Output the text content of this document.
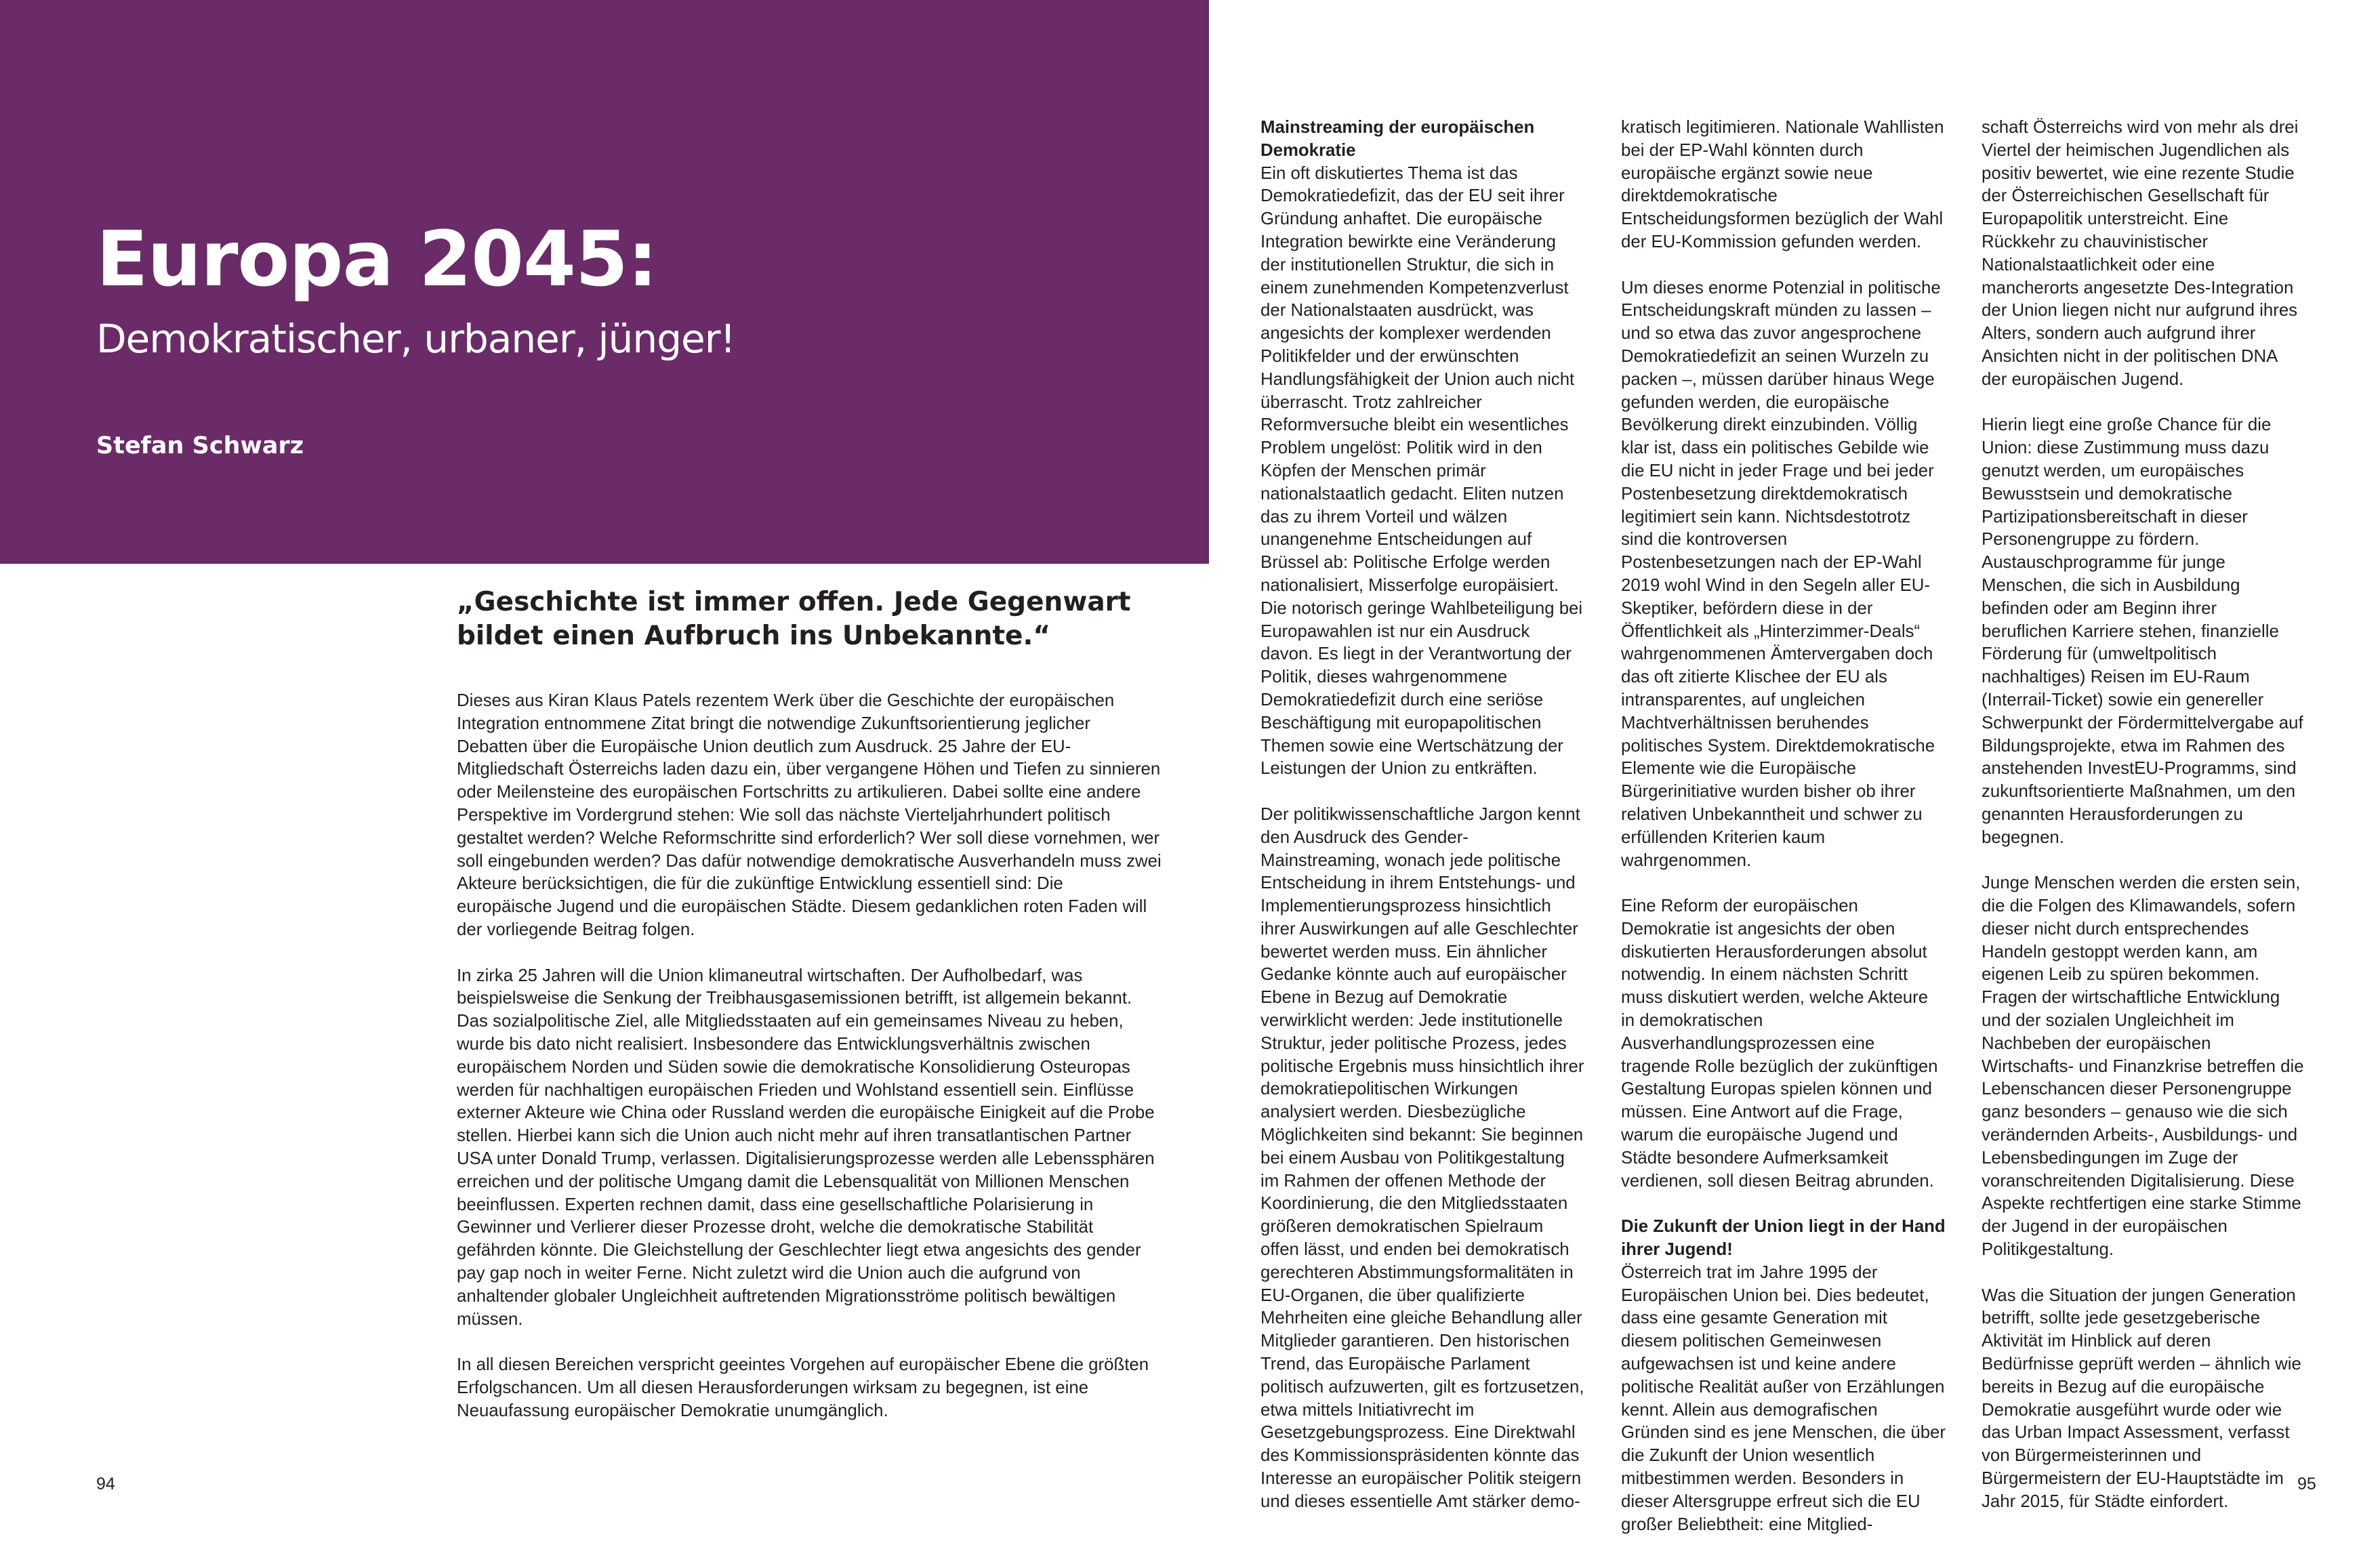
Europa 2045:
Demokratischer, urbaner, jünger!
Stefan Schwarz

„Geschichte ist immer offen. Jede Gegenwart bildet einen Aufbruch ins Unbekannte.“

Dieses aus Kiran Klaus Patels rezentem Werk über die Geschichte der europäischen Integration entnommene Zitat bringt die notwendige Zukunftsorientierung jeglicher Debatten über die Europäische Union deutlich zum Ausdruck. 25 Jahre der EU-Mitgliedschaft Österreichs laden dazu ein, über vergangene Höhen und Tiefen zu sinnieren oder Meilensteine des europäischen Fortschritts zu artikulieren. Dabei sollte eine andere Perspektive im Vordergrund stehen: Wie soll das nächste Vierteljahrhundert politisch gestaltet werden? Welche Reformschritte sind erforderlich? Wer soll diese vornehmen, wer soll eingebunden werden? Das dafür notwendige demokratische Ausverhandeln muss zwei Akteure berücksichtigen, die für die zukünftige Entwicklung essentiell sind: Die europäische Jugend und die europäischen Städte. Diesem gedanklichen roten Faden will der vorliegende Beitrag folgen.

In zirka 25 Jahren will die Union klimaneutral wirtschaften. Der Aufholbedarf, was beispielsweise die Senkung der Treibhausgasemissionen betrifft, ist allgemein bekannt. Das sozialpolitische Ziel, alle Mitgliedsstaaten auf ein gemeinsames Niveau zu heben, wurde bis dato nicht realisiert. Insbesondere das Entwicklungsverhältnis zwischen europäischem Norden und Süden sowie die demokratische Konsolidierung Osteuropas werden für nachhaltigen europäischen Frieden und Wohlstand essentiell sein. Einflüsse externer Akteure wie China oder Russland werden die europäische Einigkeit auf die Probe stellen. Hierbei kann sich die Union auch nicht mehr auf ihren transatlantischen Partner USA unter Donald Trump, verlassen. Digitalisierungsprozesse werden alle Lebenssphären erreichen und der politische Umgang damit die Lebensqualität von Millionen Menschen beeinflussen. Experten rechnen damit, dass eine gesellschaftliche Polarisierung in Gewinner und Verlierer dieser Prozesse droht, welche die demokratische Stabilität gefährden könnte. Die Gleichstellung der Geschlechter liegt etwa angesichts des gender pay gap noch in weiter Ferne. Nicht zuletzt wird die Union auch die aufgrund von anhaltender globaler Ungleichheit auftretenden Migrationsströme politisch bewältigen müssen.

In all diesen Bereichen verspricht geeintes Vorgehen auf europäischer Ebene die größten Erfolgschancen. Um all diesen Herausforderungen wirksam zu begegnen, ist eine Neuaufassung europäischer Demokratie unumgänglich.

Mainstreaming der europäischen Demokratie

Ein oft diskutiertes Thema ist das Demokratiedefizit, das der EU seit ihrer Gründung anhaftet. Die europäische Integration bewirkte eine Veränderung der institutionellen Struktur, die sich in einem zunehmenden Kompetenzverlust der Nationalstaaten ausdrückt, was angesichts der komplexer werdenden Politikfelder und der erwünschten Handlungsfähigkeit der Union auch nicht überrascht. Trotz zahlreicher Reformversuche bleibt ein wesentliches Problem ungelöst: Politik wird in den Köpfen der Menschen primär nationalstaatlich gedacht. Eliten nutzen das zu ihrem Vorteil und wälzen unangenehme Entscheidungen auf Brüssel ab: Politische Erfolge werden nationalisiert, Misserfolge europäisiert. Die notorisch geringe Wahlbeteiligung bei Europawahlen ist nur ein Ausdruck davon. Es liegt in der Verantwortung der Politik, dieses wahrgenommene Demokratiedefizit durch eine seriöse Beschäftigung mit europapolitischen Themen sowie eine Wertschätzung der Leistungen der Union zu entkräften.

Der politikwissenschaftliche Jargon kennt den Ausdruck des Gender-Mainstreaming, wonach jede politische Entscheidung in ihrem Entstehungs- und Implementierungsprozess hinsichtlich ihrer Auswirkungen auf alle Geschlechter bewertet werden muss. Ein ähnlicher Gedanke könnte auch auf europäischer Ebene in Bezug auf Demokratie verwirklicht werden: Jede institutionelle Struktur, jeder politische Prozess, jedes politische Ergebnis muss hinsichtlich ihrer demokratiepolitischen Wirkungen analysiert werden. Diesbezügliche Möglichkeiten sind bekannt: Sie beginnen bei einem Ausbau von Politikgestaltung im Rahmen der offenen Methode der Koordinierung, die den Mitgliedsstaaten größeren demokratischen Spielraum offen lässt, und enden bei demokratisch gerechteren Abstimmungsformalitäten in EU-Organen, die über qualifizierte Mehrheiten eine gleiche Behandlung aller Mitglieder garantieren. Den historischen Trend, das Europäische Parlament politisch aufzuwerten, gilt es fortzusetzen, etwa mittels Initiativrecht im Gesetzgebungsprozess. Eine Direktwahl des Kommissionspräsidenten könnte das Interesse an europäischer Politik steigern und dieses essentielle Amt stärker demo-

kratisch legitimieren. Nationale Wahllisten bei der EP-Wahl könnten durch europäische ergänzt sowie neue direktdemokratische Entscheidungsformen bezüglich der Wahl der EU-Kommission gefunden werden.

Um dieses enorme Potenzial in politische Entscheidungskraft münden zu lassen – und so etwa das zuvor angesprochene Demokratiedefizit an seinen Wurzeln zu packen –, müssen darüber hinaus Wege gefunden werden, die europäische Bevölkerung direkt einzubinden. Völlig klar ist, dass ein politisches Gebilde wie die EU nicht in jeder Frage und bei jeder Postenbesetzung direktdemokratisch legitimiert sein kann. Nichtsdestotrotz sind die kontroversen Postenbesetzungen nach der EP-Wahl 2019 wohl Wind in den Segeln aller EU-Skeptiker, befördern diese in der Öffentlichkeit als „Hinterzimmer-Deals“ wahrgenommenen Ämtervergaben doch das oft zitierte Klischee der EU als intransparentes, auf ungleichen Machtverhältnissen beruhendes politisches System. Direktdemokratische Elemente wie die Europäische Bürgerinitiative wurden bisher ob ihrer relativen Unbekanntheit und schwer zu erfüllenden Kriterien kaum wahrgenommen.

Eine Reform der europäischen Demokratie ist angesichts der oben diskutierten Herausforderungen absolut notwendig. In einem nächsten Schritt muss diskutiert werden, welche Akteure in demokratischen Ausverhandlungsprozessen eine tragende Rolle bezüglich der zukünftigen Gestaltung Europas spielen können und müssen. Eine Antwort auf die Frage, warum die europäische Jugend und Städte besondere Aufmerksamkeit verdienen, soll diesen Beitrag abrunden.

Die Zukunft der Union liegt in der Hand ihrer Jugend!

Österreich trat im Jahre 1995 der Europäischen Union bei. Dies bedeutet, dass eine gesamte Generation mit diesem politischen Gemeinwesen aufgewachsen ist und keine andere politische Realität außer von Erzählungen kennt. Allein aus demografischen Gründen sind es jene Menschen, die über die Zukunft der Union wesentlich mitbestimmen werden. Besonders in dieser Altersgruppe erfreut sich die EU großer Beliebtheit: eine Mitglied-

schaft Österreichs wird von mehr als drei Viertel der heimischen Jugendlichen als positiv bewertet, wie eine rezente Studie der Österreichischen Gesellschaft für Europapolitik unterstreicht. Eine Rückkehr zu chauvinistischer Nationalstaatlichkeit oder eine mancherorts angesetzte Des-Integration der Union liegen nicht nur aufgrund ihres Alters, sondern auch aufgrund ihrer Ansichten nicht in der politischen DNA der europäischen Jugend.

Hierin liegt eine große Chance für die Union: diese Zustimmung muss dazu genutzt werden, um europäisches Bewusstsein und demokratische Partizipationsbereitschaft in dieser Personengruppe zu fördern. Austauschprogramme für junge Menschen, die sich in Ausbildung befinden oder am Beginn ihrer beruflichen Karriere stehen, finanzielle Förderung für (umweltpolitisch nachhaltiges) Reisen im EU-Raum (Interrail-Ticket) sowie ein genereller Schwerpunkt der Fördermittelvergabe auf Bildungsprojekte, etwa im Rahmen des anstehenden InvestEU-Programms, sind zukunftsorientierte Maßnahmen, um den genannten Herausforderungen zu begegnen.

Junge Menschen werden die ersten sein, die die Folgen des Klimawandels, sofern dieser nicht durch entsprechendes Handeln gestoppt werden kann, am eigenen Leib zu spüren bekommen. Fragen der wirtschaftliche Entwicklung und der sozialen Ungleichheit im Nachbeben der europäischen Wirtschafts- und Finanzkrise betreffen die Lebenschancen dieser Personengruppe ganz besonders – genauso wie die sich verändernden Arbeits-, Ausbildungs- und Lebensbedingungen im Zuge der voranschreitenden Digitalisierung. Diese Aspekte rechtfertigen eine starke Stimme der Jugend in der europäischen Politikgestaltung.

Was die Situation der jungen Generation betrifft, sollte jede gesetzgeberische Aktivität im Hinblick auf deren Bedürfnisse geprüft werden – ähnlich wie bereits in Bezug auf die europäische Demokratie ausgeführt wurde oder wie das Urban Impact Assessment, verfasst von Bürgermeisterinnen und Bürgermeistern der EU-Hauptstädte im Jahr 2015, für Städte einfordert.

94	95
